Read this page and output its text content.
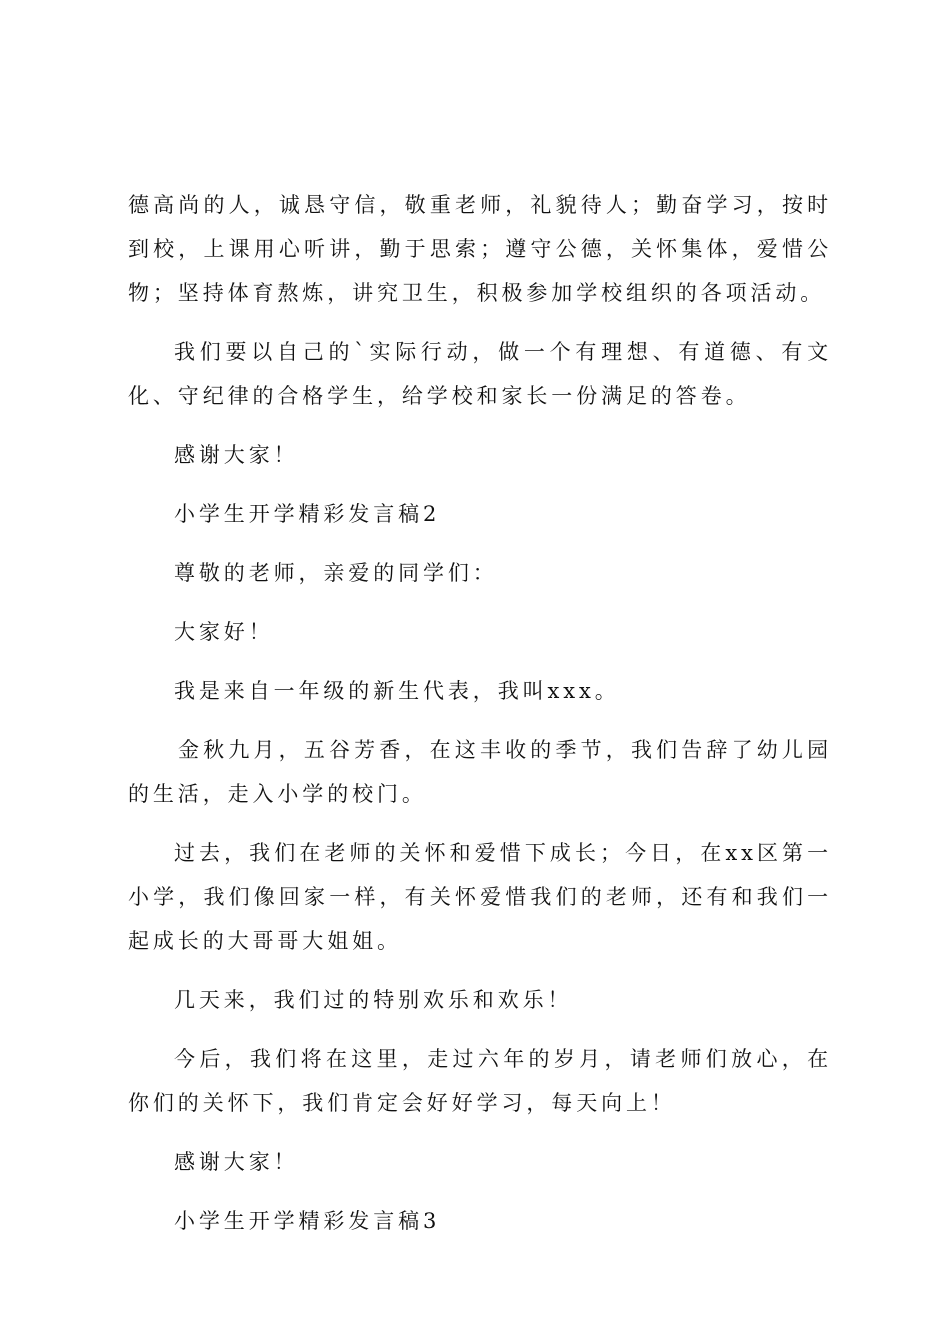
德高尚的人，诚恳守信，敬重老师，礼貌待人；勤奋学习，按时到校，上课用心听讲，勤于思索；遵守公德，关怀集体，爱惜公物；坚持体育熬炼，讲究卫生，积极参加学校组织的各项活动。

我们要以自己的`实际行动，做一个有理想、有道德、有文化、守纪律的合格学生，给学校和家长一份满足的答卷。

感谢大家！

小学生开学精彩发言稿2

尊敬的老师，亲爱的同学们：

大家好！

我是来自一年级的新生代表，我叫xxx。

金秋九月，五谷芳香，在这丰收的季节，我们告辞了幼儿园的生活，走入小学的校门。

过去，我们在老师的关怀和爱惜下成长；今日，在xx区第一小学，我们像回家一样，有关怀爱惜我们的老师，还有和我们一起成长的大哥哥大姐姐。

几天来，我们过的特别欢乐和欢乐！

今后，我们将在这里，走过六年的岁月，请老师们放心，在你们的关怀下，我们肯定会好好学习，每天向上！

感谢大家！

小学生开学精彩发言稿3
